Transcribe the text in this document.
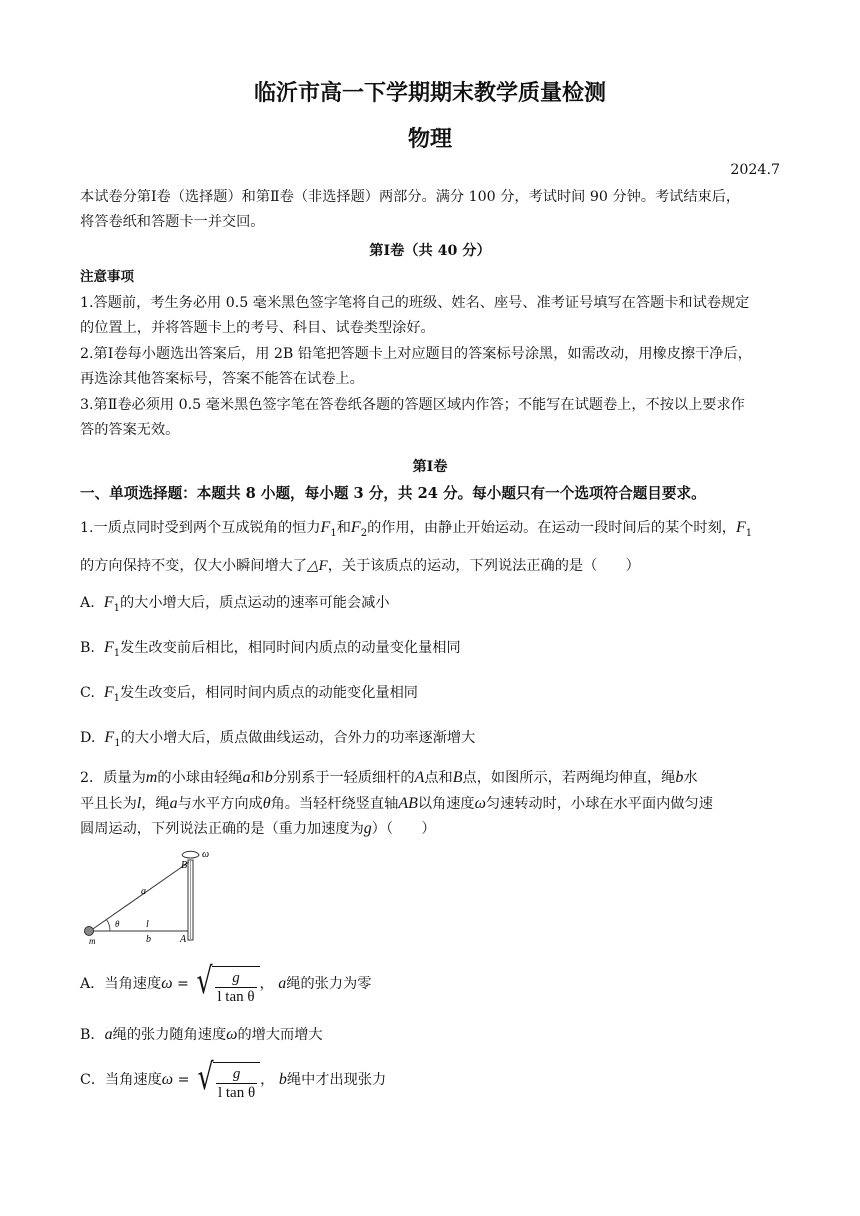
临沂市高一下学期期末教学质量检测
物理
2024.7
本试卷分第Ⅰ卷（选择题）和第Ⅱ卷（非选择题）两部分。满分 100 分，考试时间 90 分钟。考试结束后，
将答卷纸和答题卡一并交回。
第Ⅰ卷（共 40 分）
注意事项
1.答题前，考生务必用 0.5 毫米黑色签字笔将自己的班级、姓名、座号、准考证号填写在答题卡和试卷规定
的位置上，并将答题卡上的考号、科目、试卷类型涂好。
2.第Ⅰ卷每小题选出答案后，用 2B 铅笔把答题卡上对应题目的答案标号涂黑，如需改动，用橡皮擦干净后，
再选涂其他答案标号，答案不能答在试卷上。
3.第Ⅱ卷必须用 0.5 毫米黑色签字笔在答卷纸各题的答题区域内作答；不能写在试题卷上，不按以上要求作
答的答案无效。
第Ⅰ卷
一、单项选择题：本题共 8 小题，每小题 3 分，共 24 分。每小题只有一个选项符合题目要求。
1.一质点同时受到两个互成锐角的恒力$F_1$和$F_2$的作用，由静止开始运动。在运动一段时间后的某个时刻，$F_1$
的方向保持不变，仅大小瞬间增大了△F，关于该质点的运动，下列说法正确的是（　　）
A. $F_1$的大小增大后，质点运动的速率可能会减小
B. $F_1$发生改变前后相比，相同时间内质点的动量变化量相同
C. $F_1$发生改变后，相同时间内质点的动能变化量相同
D. $F_1$的大小增大后，质点做曲线运动，合外力的功率逐渐增大
2．质量为m的小球由轻绳a和b分别系于一轻质细杆的A点和B点，如图所示，若两绳均伸直，绳b水
平且长为l，绳a与水平方向成θ角。当轻杆绕竖直轴AB以角速度ω匀速转动时，小球在水平面内做匀速
圆周运动，下列说法正确的是（重力加速度为g）（　　）
B
ω
a
θ	l
b
m	A
A．当角速度 ω = √ $\frac{g}{\text{l tan θ}}$ ，
a 绳的张力为零
B．a绳的张力随角速度ω的增大而增大
C．当角速度 ω = √ $\frac{g}{\text{l tan θ}}$ ，
b 绳中才出现张力
